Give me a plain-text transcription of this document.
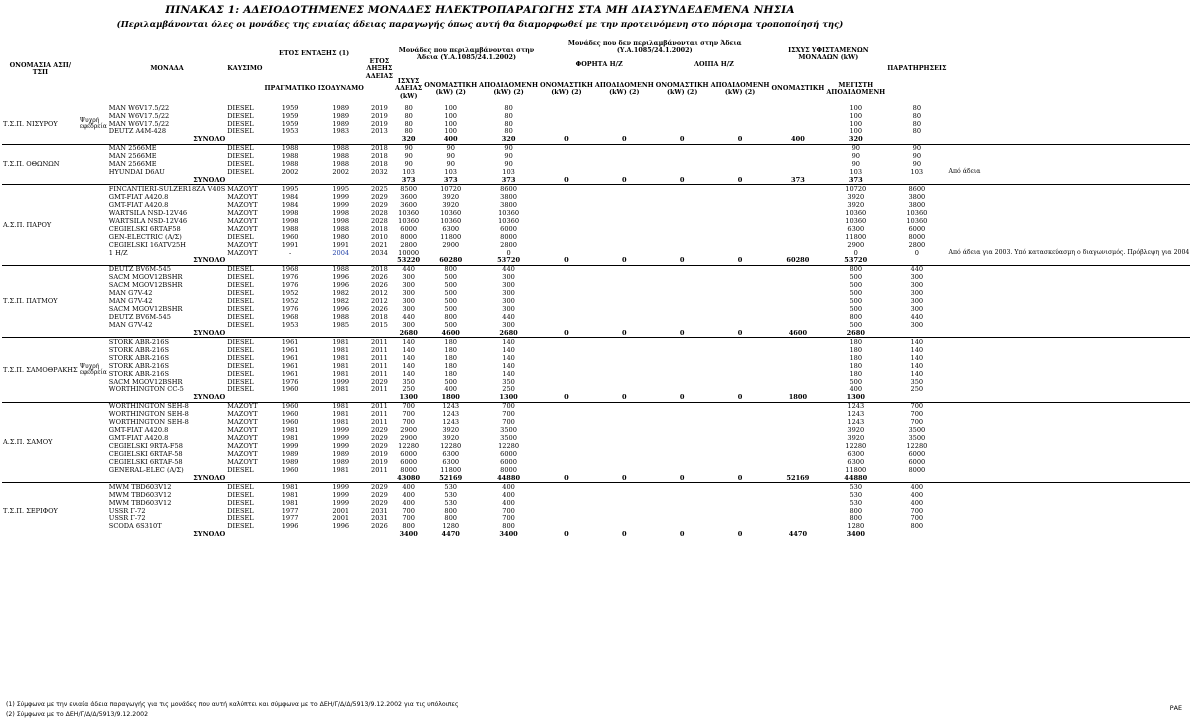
ΠΙΝΑΚΑΣ 1: ΑΔΕΙΟΔΟΤΗΜΕΝΕΣ ΜΟΝΑΔΕΣ ΗΛΕΚΤΡΟΠΑΡΑΓΩΓΗΣ ΣΤΑ ΜΗ ΔΙΑΣΥΝΔΕΔΕΜΕΝΑ ΝΗΣΙΑ
(Περιλαμβάνονται όλες οι μονάδες της ενιαίας άδειας παραγωγής όπως αυτή θα διαμορφωθεί με την προτεινόμενη στο πόρισμα τροποποίησή της)
ΟΝΟΜΑΣΙΑ ΑΣΠ/ΤΣΠ		ΜΟΝΑΔΑ	ΚΑΥΣΙΜΟ	ΕΤΟΣ ΕΝΤΑΞΗΣ (1)		ΕΤΟΣ ΛΗΞΗΣ ΑΔΕΙΑΣ	Μονάδες που περιλαμβάνονται στην Άδεια (Υ.Α.1085/24.1.2002)			Μονάδες που δεν περιλαμβάνονται στην Άδεια (Υ.Α.1085/24.1.2002)
ΦΟΡΗΤΑ Η/Ζ ΛΟΙΠΑ Η/Ζ				ΙΣΧΥΣ ΥΦΙΣΤΑΜΕΝΩΝ ΜΟΝΑΔΩΝ (kW)		ΠΑΡΑΤΗΡΗΣΕΙΣ	
				ΠΡΑΓΜΑΤΙΚΟ	ΙΣΟΔΥΝΑΜΟ		ΙΣΧΥΣ ΑΔΕΙΑΣ (kW)	ΟΝΟΜΑΣΤΙΚΗ (kW) (2)	ΑΠΟΔΙΔΟΜΕΝΗ (kW) (2)	ΟΝΟΜΑΣΤΙΚΗ (kW) (2)	ΑΠΟΔΙΔΟΜΕΝΗ (kW) (2)	ΟΝΟΜΑΣΤΙΚΗ (kW) (2)	ΑΠΟΔΙΔΟΜΕΝΗ (kW) (2)	ΟΝΟΜΑΣΤΙΚΗ	ΜΕΓΙΣΤΗ ΑΠΟΔΙΔΟΜΕΝΗ		
Τ.Σ.Π. ΝΙΣΥΡΟΥ	Ψυχρή εφεδρεία	MAN W6V17.5/22	DIESEL	1959	1989	2019	80	100	80						100	80	
		MAN W6V17.5/22	DIESEL	1959	1989	2019	80	100	80						100	80	
		MAN W6V17.5/22	DIESEL	1959	1989	2019	80	100	80						100	80	
		DEUTZ A4M-428	DIESEL	1953	1983	2013	80	100	80						100	80	
		ΣΥΝΟΛΟ					320	400	320	0	0	0	0	400	320		
Τ.Σ.Π. ΟΘΩΝΩΝ		MAN 2566ME	DIESEL	1988	1988	2018	90	90	90						90	90	
		MAN 2566ME	DIESEL	1988	1988	2018	90	90	90						90	90	
		MAN 2566ME	DIESEL	1988	1988	2018	90	90	90						90	90	
		HYUNDAI D6AU	DIESEL	2002	2002	2032	103	103	103						103	103	Από άδεια
		ΣΥΝΟΛΟ					373	373	373	0	0	0	0	373	373		
Α.Σ.Π. ΠΑΡΟΥ		FINCANTIERI-SULZER18ZA V40S	ΜΑΖΟΥΤ	1995	1995	2025	8500	10720	8600						10720	8600	
		GMT-FIAT A420.8	ΜΑΖΟΥΤ	1984	1999	2029	3600	3920	3800						3920	3800	
		GMT-FIAT A420.8	ΜΑΖΟΥΤ	1984	1999	2029	3600	3920	3800						3920	3800	
		WARTSILA NSD-12V46	ΜΑΖΟΥΤ	1998	1998	2028	10360	10360	10360						10360	10360	
		WARTSILA NSD-12V46	ΜΑΖΟΥΤ	1998	1998	2028	10360	10360	10360						10360	10360	
		CEGIELSKI 6RTAF58	ΜΑΖΟΥΤ	1988	1988	2018	6000	6300	6000						6300	6000	
		GEN-ELECTRIC (Α/Σ)	DIESEL	1960	1980	2010	8000	11800	8000						11800	8000	
		CEGIELSKI 16ATV25H	ΜΑΖΟΥΤ	1991	1991	2021	2800	2900	2800						2900	2800	
		1 Η/Ζ	ΜΑΖΟΥΤ	-	2004	2034	10000		0						0	0	Από άδεια για 2003. Υπό κατασκεύασμη ο διαγωνισμός. Πρόβλεψη για 2004
		ΣΥΝΟΛΟ					53220	60280	53720	0	0	0	0	60280	53720		
Τ.Σ.Π. ΠΑΤΜΟΥ		DEUTZ BV6M-545	DIESEL	1968	1988	2018	440	800	440						800	440	
		SACM MGOV12BSHR	DIESEL	1976	1996	2026	300	500	300						500	300	
		SACM MGOV12BSHR	DIESEL	1976	1996	2026	300	500	300						500	300	
		MAN G7V-42	DIESEL	1952	1982	2012	300	500	300						500	300	
		MAN G7V-42	DIESEL	1952	1982	2012	300	500	300						500	300	
		SACM MGOV12BSHR	DIESEL	1976	1996	2026	300	500	300						500	300	
		DEUTZ BV6M-545	DIESEL	1968	1988	2018	440	800	440						800	440	
		MAN G7V-42	DIESEL	1953	1985	2015	300	500	300						500	300	
		ΣΥΝΟΛΟ					2680	4600	2680	0	0	0	0	4600	2680		
Τ.Σ.Π. ΣΑΜΟΘΡΑΚΗΣ	Ψυχρή εφεδρεία	STORK ABR-216S	DIESEL	1961	1981	2011	140	180	140						180	140	
		STORK ABR-216S	DIESEL	1961	1981	2011	140	180	140						180	140	
		STORK ABR-216S	DIESEL	1961	1981	2011	140	180	140						180	140	
		STORK ABR-216S	DIESEL	1961	1981	2011	140	180	140						180	140	
		STORK ABR-216S	DIESEL	1961	1981	2011	140	180	140						180	140	
		SACM MGOV12BSHR	DIESEL	1976	1999	2029	350	500	350						500	350	
		WORTHINGTON CC-5	DIESEL	1960	1981	2011	250	400	250						400	250	
		ΣΥΝΟΛΟ					1300	1800	1300	0	0	0	0	1800	1300		
Α.Σ.Π. ΣΑΜΟΥ		WORTHINGTON SEH-8	ΜΑΖΟΥΤ	1960	1981	2011	700	1243	700						1243	700	
		WORTHINGTON SEH-8	ΜΑΖΟΥΤ	1960	1981	2011	700	1243	700						1243	700	
		WORTHINGTON SEH-8	ΜΑΖΟΥΤ	1960	1981	2011	700	1243	700						1243	700	
		GMT-FIAT A420.8	ΜΑΖΟΥΤ	1981	1999	2029	2900	3920	3500						3920	3500	
		GMT-FIAT A420.8	ΜΑΖΟΥΤ	1981	1999	2029	2900	3920	3500						3920	3500	
		CEGIELSKI 9RTA-F58	ΜΑΖΟΥΤ	1999	1999	2029	12280	12280	12280						12280	12280	
		CEGIELSKI 6RTAF-58	ΜΑΖΟΥΤ	1989	1989	2019	6000	6300	6000						6300	6000	
		CEGIELSKI 6RTAF-58	ΜΑΖΟΥΤ	1989	1989	2019	6000	6300	6000						6300	6000	
		GENERAL-ELEC (Α/Σ)	DIESEL	1960	1981	2011	8000	11800	8000						11800	8000	
		ΣΥΝΟΛΟ					43080	52169	44880	0	0	0	0	52169	44880		
Τ.Σ.Π. ΣΕΡΙΦΟΥ		MWM TBD603V12	DIESEL	1981	1999	2029	400	530	400						530	400	
		MWM TBD603V12	DIESEL	1981	1999	2029	400	530	400						530	400	
		MWM TBD603V12	DIESEL	1981	1999	2029	400	530	400						530	400	
		USSR Γ-72	DIESEL	1977	2001	2031	700	800	700						800	700	
		USSR Γ-72	DIESEL	1977	2001	2031	700	800	700						800	700	
		SCODA 6S310T	DIESEL	1996	1996	2026	800	1280	800						1280	800	
		ΣΥΝΟΛΟ					3400	4470	3400	0	0	0	0	4470	3400		
(1) Σύμφωνα με την ενιαία άδεια παραγωγής για τις μονάδες που αυτή καλύπτει και σύμφωνα με το ΔΕΗ/Γ/Δ/Δ/5913/9.12.2002 για τις υπόλοιπες
(2) Σύμφωνα με το ΔΕΗ/Γ/Δ/Δ/5913/9.12.2002
ΡΑΕ
